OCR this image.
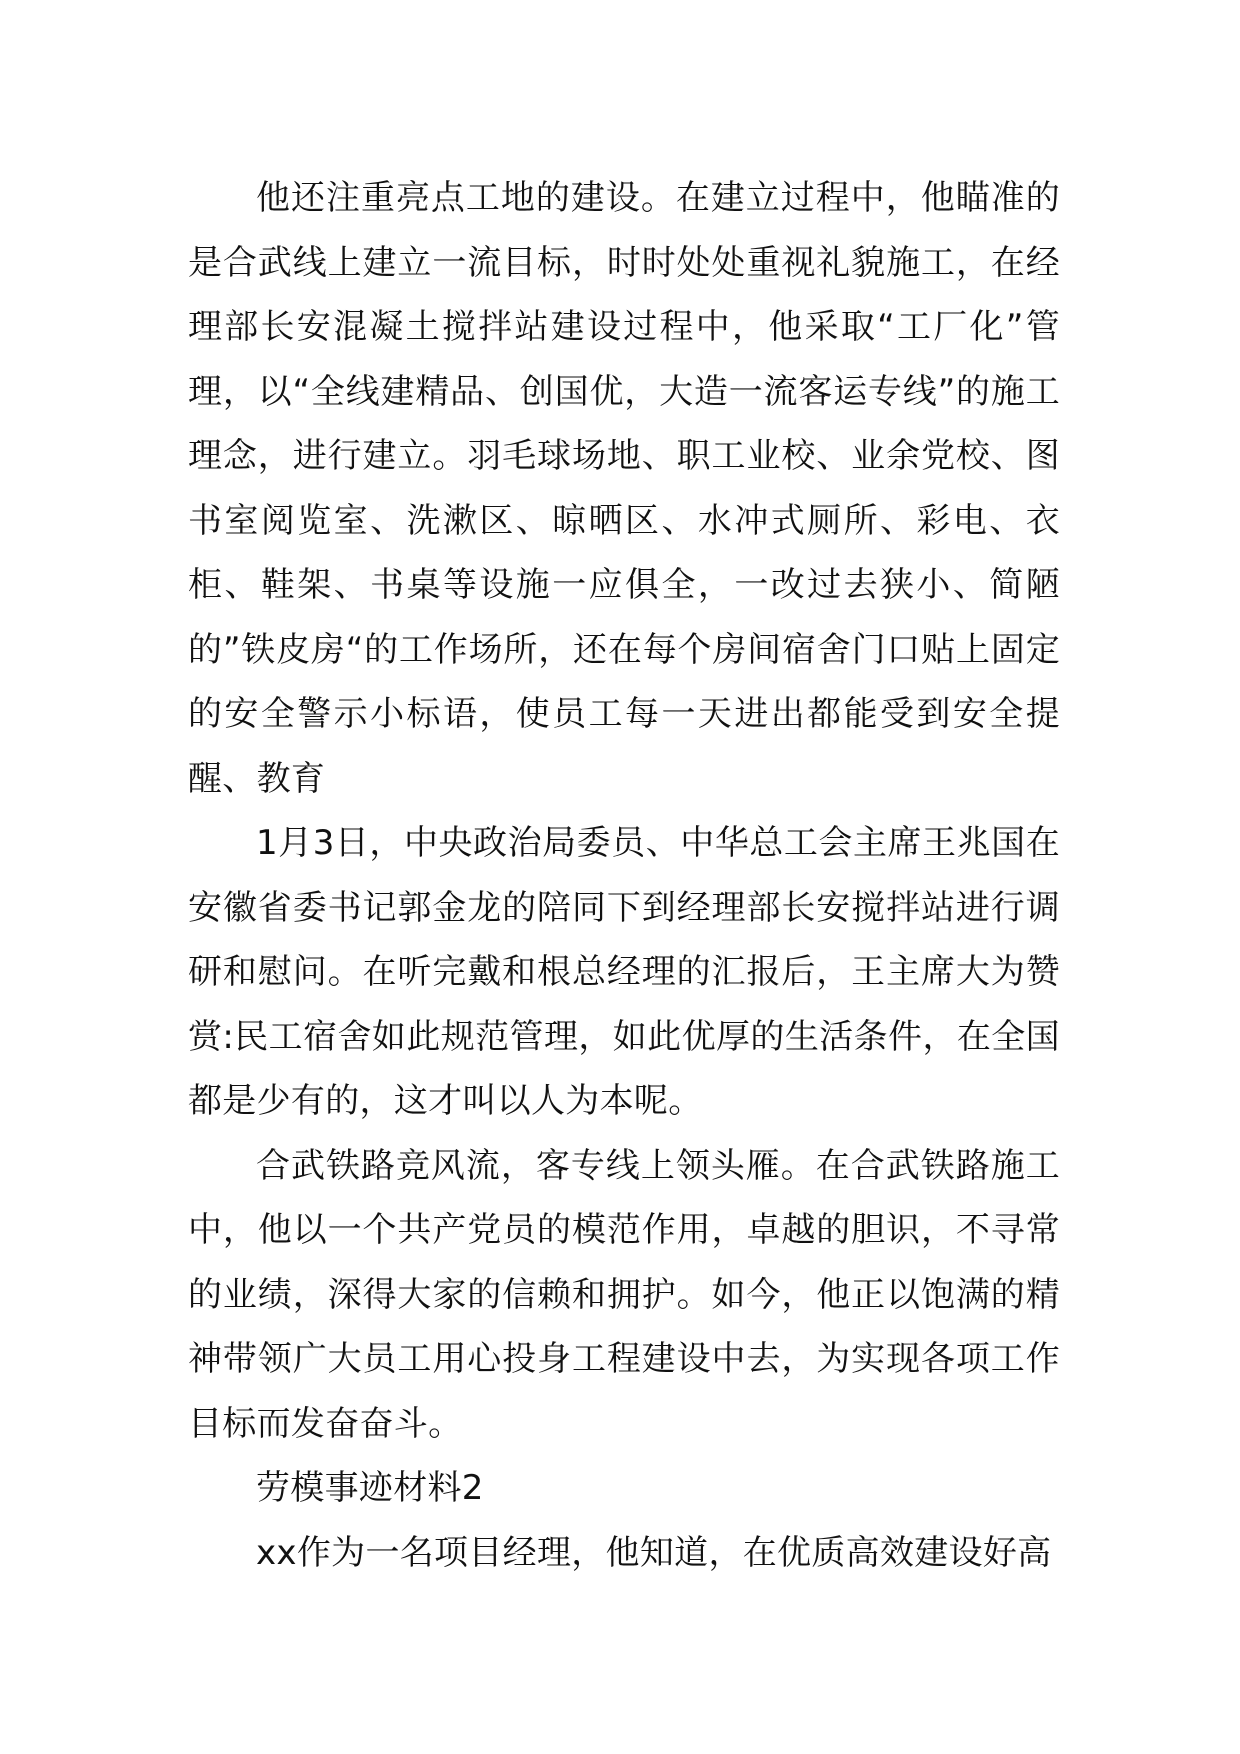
他还注重亮点工地的建设。在建立过程中，他瞄准的是合武线上建立一流目标，时时处处重视礼貌施工，在经理部长安混凝土搅拌站建设过程中，他采取“工厂化”管理，以“全线建精品、创国优，大造一流客运专线”的施工理念，进行建立。羽毛球场地、职工业校、业余党校、图书室阅览室、洗漱区、晾晒区、水冲式厕所、彩电、衣柜、鞋架、书桌等设施一应俱全，一改过去狭小、简陋的”铁皮房“的工作场所，还在每个房间宿舍门口贴上固定的安全警示小标语，使员工每一天进出都能受到安全提醒、教育

1月3日，中央政治局委员、中华总工会主席王兆国在安徽省委书记郭金龙的陪同下到经理部长安搅拌站进行调研和慰问。在听完戴和根总经理的汇报后，王主席大为赞赏:民工宿舍如此规范管理，如此优厚的生活条件，在全国都是少有的，这才叫以人为本呢。

合武铁路竞风流，客专线上领头雁。在合武铁路施工中，他以一个共产党员的模范作用，卓越的胆识，不寻常的业绩，深得大家的信赖和拥护。如今，他正以饱满的精神带领广大员工用心投身工程建设中去，为实现各项工作目标而发奋奋斗。

劳模事迹材料2

xx作为一名项目经理，他知道，在优质高效建设好高
